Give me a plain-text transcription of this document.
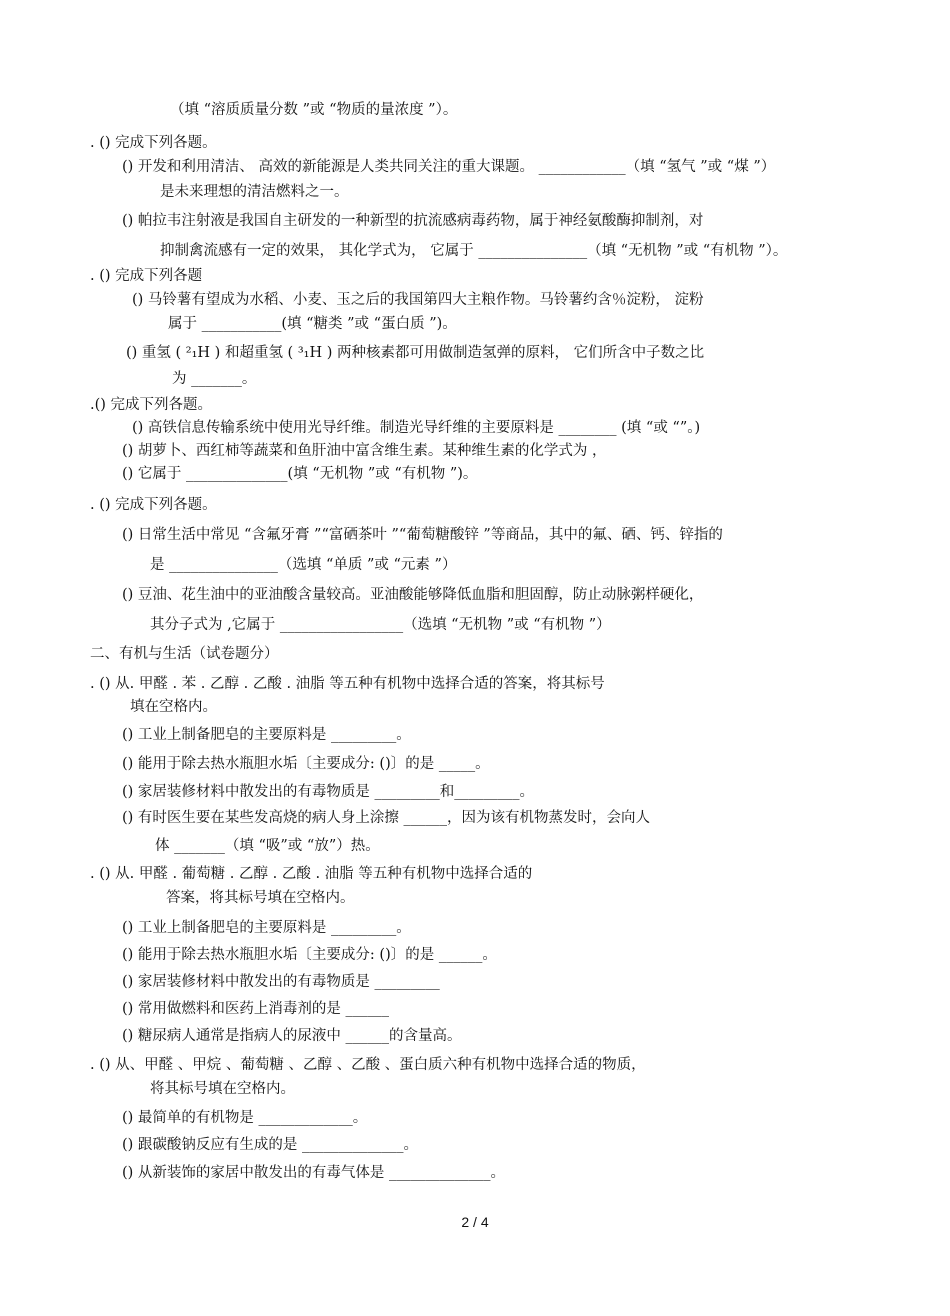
（填 “溶质质量分数 ”或 “物质的量浓度 ”）。
. () 完成下列各题。
() 开发和利用清洁、 高效的新能源是人类共同关注的重大课题。 ____________（填 “氢气 ”或 “煤 ”）
是未来理想的清洁燃料之一。
() 帕拉韦注射液是我国自主研发的一种新型的抗流感病毒药物，属于神经氨酸酶抑制剂，对
抑制禽流感有一定的效果， 其化学式为， 它属于 _______________（填 “无机物 ”或 “有机物 ”）。
. () 完成下列各题
() 马铃薯有望成为水稻、小麦、玉之后的我国第四大主粮作物。马铃薯约含％淀粉， 淀粉
属于 ___________(填 “糖类 ”或 “蛋白质 ”)。
() 重氢 ( ²₁H ) 和超重氢 ( ³₁H ) 两种核素都可用做制造氢弹的原料， 它们所含中子数之比
为 _______。
.() 完成下列各题。
() 高铁信息传输系统中使用光导纤维。制造光导纤维的主要原料是 ________ (填 “或 “”。)
() 胡萝卜、西红柿等蔬菜和鱼肝油中富含维生素。某种维生素的化学式为 ，
() 它属于 ______________(填 “无机物 ”或 “有机物 ”)。
. () 完成下列各题。
() 日常生活中常见 “含氟牙膏 ”“富硒茶叶 ”“葡萄糖酸锌 ”等商品，其中的氟、硒、钙、锌指的
是 _______________（选填 “单质 ”或 “元素 ”）
() 豆油、花生油中的亚油酸含量较高。亚油酸能够降低血脂和胆固醇，防止动脉粥样硬化，
其分子式为 ,它属于 _________________（选填 “无机物 ”或 “有机物 ”）
二、有机与生活（试卷题分）
. () 从. 甲醛 . 苯 . 乙醇 . 乙酸 . 油脂 等五种有机物中选择合适的答案，将其标号
填在空格内。
() 工业上制备肥皂的主要原料是 _________。
() 能用于除去热水瓶胆水垢〔主要成分: ()〕的是 _____。
() 家居装修材料中散发出的有毒物质是 _________和_________。
() 有时医生要在某些发高烧的病人身上涂擦 ______，因为该有机物蒸发时，会向人
体 _______（填 “吸”或 “放”）热。
. () 从. 甲醛 . 葡萄糖 . 乙醇 . 乙酸 . 油脂 等五种有机物中选择合适的
答案，将其标号填在空格内。
() 工业上制备肥皂的主要原料是 _________。
() 能用于除去热水瓶胆水垢〔主要成分: ()〕的是 ______。
() 家居装修材料中散发出的有毒物质是 _________
() 常用做燃料和医药上消毒剂的是 ______
() 糖尿病人通常是指病人的尿液中 ______的含量高。
. () 从、甲醛 、甲烷 、葡萄糖 、乙醇 、乙酸 、蛋白质六种有机物中选择合适的物质，
将其标号填在空格内。
() 最简单的有机物是 _____________。
() 跟碳酸钠反应有生成的是 ______________。
() 从新装饰的家居中散发出的有毒气体是 ______________。
2 / 4
